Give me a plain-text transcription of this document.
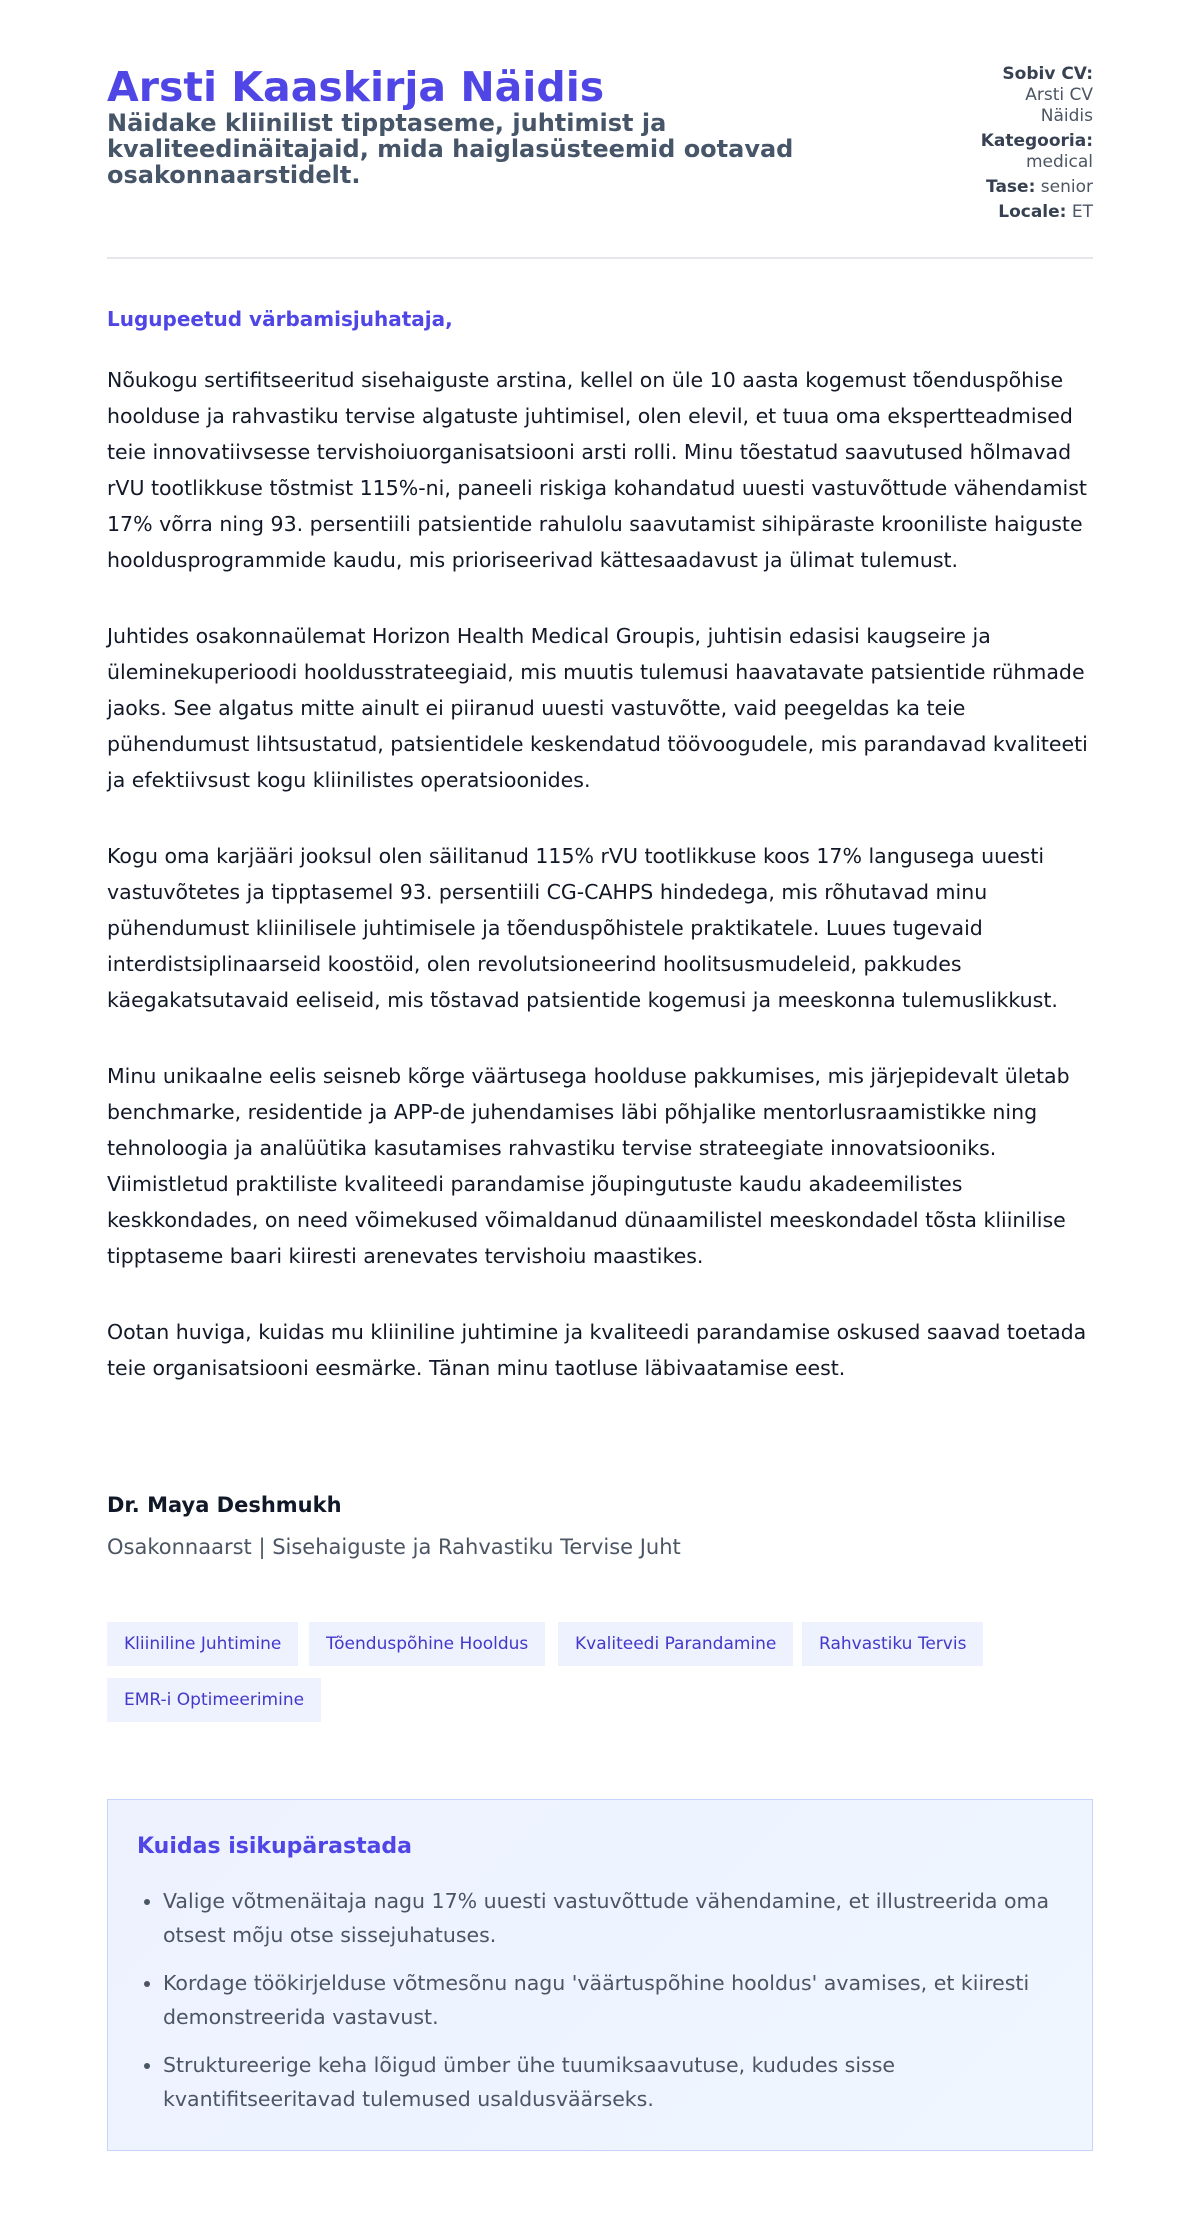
Arsti Kaaskirja Näidis

Näidake kliinilist tipptaseme, juhtimist ja kvaliteedinäitajaid, mida haiglasüsteemid ootavad osakonnaarstidelt.

Sobiv CV:
Arsti CV
Näidis
Kategooria:
medical
Tase: senior
Locale: ET

Lugupeetud värbamisjuhataja,

Nõukogu sertifitseeritud sisehaiguste arstina, kellel on üle 10 aasta kogemust tõenduspõhise hoolduse ja rahvastiku tervise algatuste juhtimisel, olen elevil, et tuua oma ekspertteadmised teie innovatiivsesse tervishoiuorganisatsiooni arsti rolli. Minu tõestatud saavutused hõlmavad rVU tootlikkuse tõstmist 115%-ni, paneeli riskiga kohandatud uuesti vastuvõttude vähendamist 17% võrra ning 93. persentiili patsientide rahulolu saavutamist sihipäraste krooniliste haiguste hooldusprogrammide kaudu, mis prioriseerivad kättesaadavust ja ülimat tulemust.

Juhtides osakonnaülemat Horizon Health Medical Groupis, juhtisin edasisi kaugseire ja üleminekuperioodi hooldusstrateegiaid, mis muutis tulemusi haavatavate patsientide rühmade jaoks. See algatus mitte ainult ei piiranud uuesti vastuvõtte, vaid peegeldas ka teie pühendumust lihtsustatud, patsientidele keskendatud töövoogudele, mis parandavad kvaliteeti ja efektiivsust kogu kliinilistes operatsioonides.

Kogu oma karjääri jooksul olen säilitanud 115% rVU tootlikkuse koos 17% langusega uuesti vastuvõtetes ja tipptasemel 93. persentiili CG-CAHPS hindedega, mis rõhutavad minu pühendumust kliinilisele juhtimisele ja tõenduspõhistele praktikatele. Luues tugevaid interdistsiplinaarseid koostöid, olen revolutsioneerind hoolitsusmudeleid, pakkudes käegakatsutavaid eeliseid, mis tõstavad patsientide kogemusi ja meeskonna tulemuslikkust.

Minu unikaalne eelis seisneb kõrge väärtusega hoolduse pakkumises, mis järjepidevalt ületab benchmarke, residentide ja APP-de juhendamises läbi põhjalike mentorlusraamistikke ning tehnoloogia ja analüütika kasutamises rahvastiku tervise strateegiate innovatsiooniks. Viimistletud praktiliste kvaliteedi parandamise jõupingutuste kaudu akadeemilistes keskkondades, on need võimekused võimaldanud dünaamilistel meeskondadel tõsta kliinilise tipptaseme baari kiiresti arenevates tervishoiu maastikes.

Ootan huviga, kuidas mu kliiniline juhtimine ja kvaliteedi parandamise oskused saavad toetada teie organisatsiooni eesmärke. Tänan minu taotluse läbivaatamise eest.

Dr. Maya Deshmukh

Osakonnaarst | Sisehaiguste ja Rahvastiku Tervise Juht

Kliiniline Juhtimine	Tõenduspõhine Hooldus	Kvaliteedi Parandamine	Rahvastiku Tervis
EMR-i Optimeerimine
Kuidas isikupärastada
• Valige võtmenäitaja nagu 17% uuesti vastuvõttude vähendamine, et illustreerida oma otsest mõju otse sissejuhatuses.
• Kordage töökirjelduse võtmesõnu nagu 'väärtuspõhine hooldus' avamises, et kiiresti demonstreerida vastavust.
• Struktureerige keha lõigud ümber ühe tuumiksaavutuse, kududes sisse kvantifitseeritavad tulemused usaldusväärseks.
